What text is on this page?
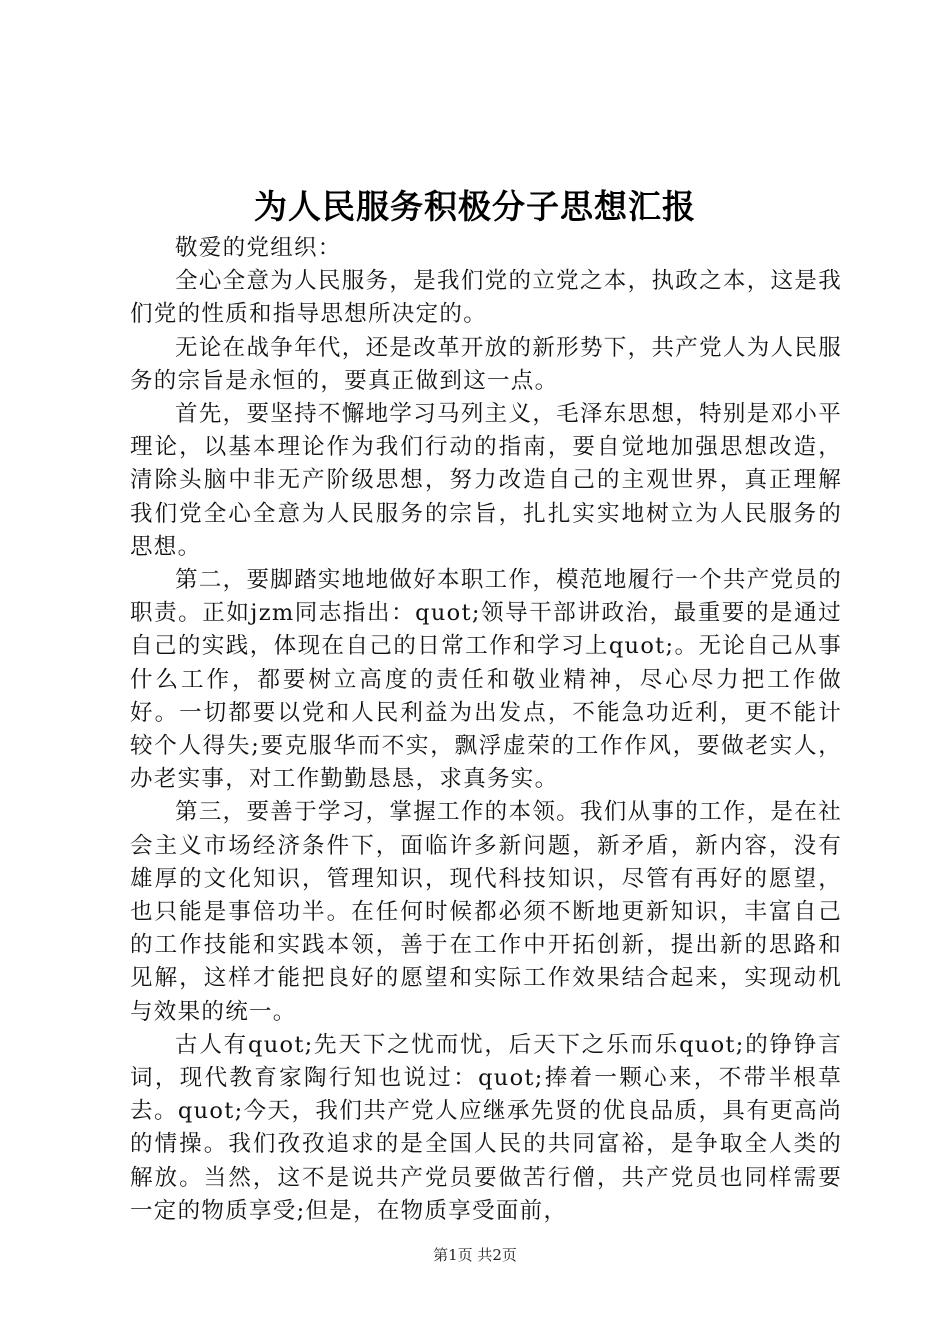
为人民服务积极分子思想汇报

敬爱的党组织：

全心全意为人民服务，是我们党的立党之本，执政之本，这是我们党的性质和指导思想所决定的。

无论在战争年代，还是改革开放的新形势下，共产党人为人民服务的宗旨是永恒的，要真正做到这一点。

首先，要坚持不懈地学习马列主义，毛泽东思想，特别是邓小平理论，以基本理论作为我们行动的指南，要自觉地加强思想改造，清除头脑中非无产阶级思想，努力改造自己的主观世界，真正理解我们党全心全意为人民服务的宗旨，扎扎实实地树立为人民服务的思想。

第二，要脚踏实地地做好本职工作，模范地履行一个共产党员的职责。正如jzm同志指出：quot;领导干部讲政治，最重要的是通过自己的实践，体现在自己的日常工作和学习上quot;。无论自己从事什么工作，都要树立高度的责任和敬业精神，尽心尽力把工作做好。一切都要以党和人民利益为出发点，不能急功近利，更不能计较个人得失;要克服华而不实，飘浮虚荣的工作作风，要做老实人，办老实事，对工作勤勤恳恳，求真务实。

第三，要善于学习，掌握工作的本领。我们从事的工作，是在社会主义市场经济条件下，面临许多新问题，新矛盾，新内容，没有雄厚的文化知识，管理知识，现代科技知识，尽管有再好的愿望，也只能是事倍功半。在任何时候都必须不断地更新知识，丰富自己的工作技能和实践本领，善于在工作中开拓创新，提出新的思路和见解，这样才能把良好的愿望和实际工作效果结合起来，实现动机与效果的统一。

古人有quot;先天下之忧而忧，后天下之乐而乐quot;的铮铮言词，现代教育家陶行知也说过：quot;捧着一颗心来，不带半根草去。quot;今天，我们共产党人应继承先贤的优良品质，具有更高尚的情操。我们孜孜追求的是全国人民的共同富裕，是争取全人类的解放。当然，这不是说共产党员要做苦行僧，共产党员也同样需要一定的物质享受;但是，在物质享受面前，

第1页 共2页
